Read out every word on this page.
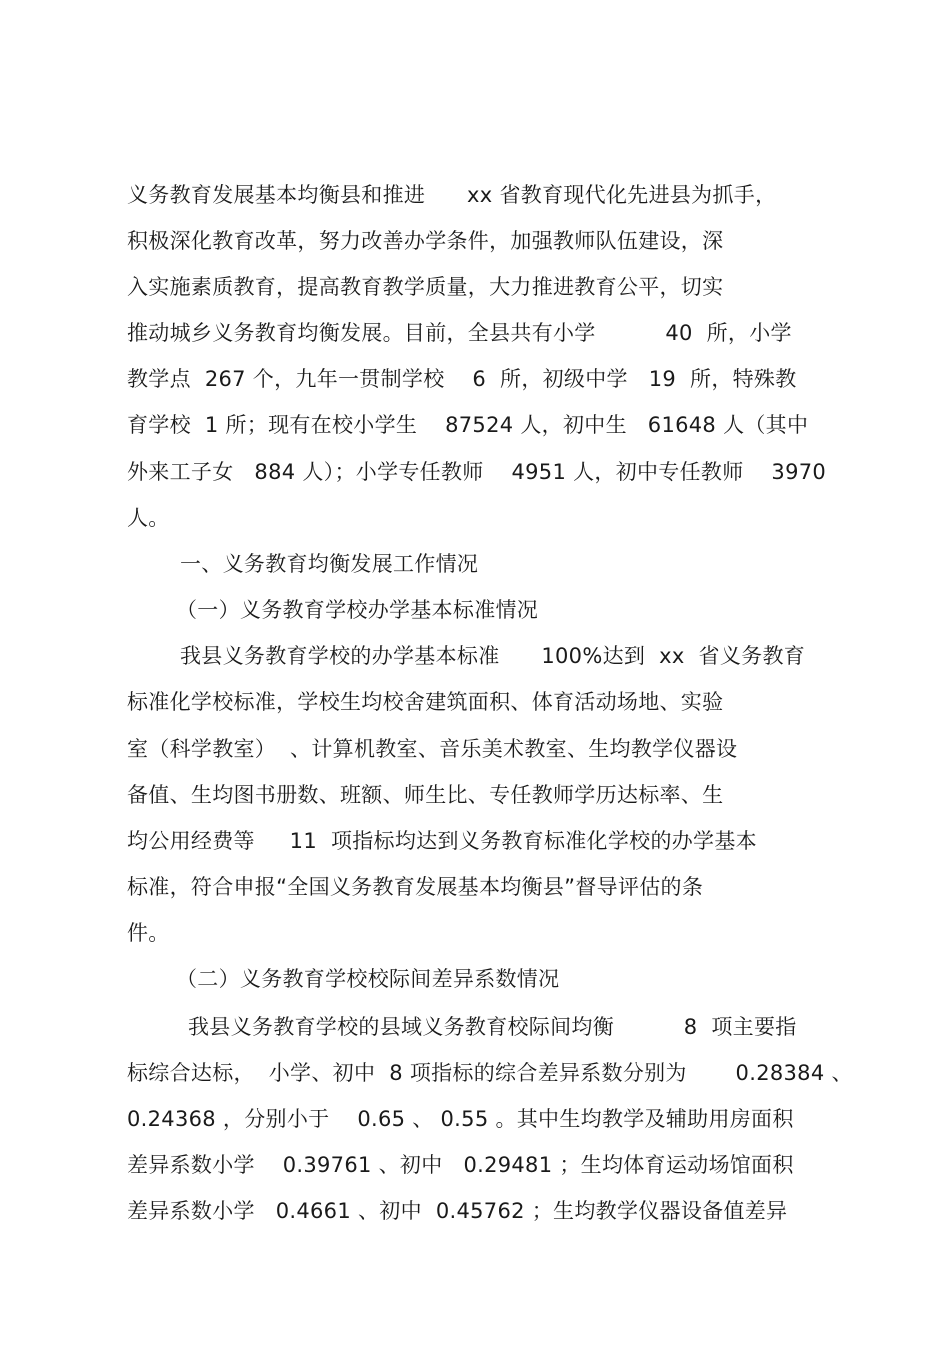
义务教育发展基本均衡县和推进      xx 省教育现代化先进县为抓手，
积极深化教育改革，努力改善办学条件，加强教师队伍建设，深
入实施素质教育，提高教育教学质量，大力推进教育公平，切实
推动城乡义务教育均衡发展。目前，全县共有小学          40  所，小学
教学点  267 个，九年一贯制学校    6  所，初级中学   19  所，特殊教
育学校  1 所；现有在校小学生    87524 人，初中生   61648 人（其中
外来工子女   884 人）；小学专任教师    4951 人，初中专任教师    3970
人。
一、义务教育均衡发展工作情况
（一）义务教育学校办学基本标准情况
我县义务教育学校的办学基本标准      100%达到  xx  省义务教育
标准化学校标准，学校生均校舍建筑面积、体育活动场地、实验
室（科学教室）  、计算机教室、音乐美术教室、生均教学仪器设
备值、生均图书册数、班额、师生比、专任教师学历达标率、生
均公用经费等     11  项指标均达到义务教育标准化学校的办学基本
标准，符合申报“全国义务教育发展基本均衡县”督导评估的条
件。
（二）义务教育学校校际间差异系数情况
我县义务教育学校的县域义务教育校际间均衡          8  项主要指
标综合达标，  小学、初中  8 项指标的综合差异系数分别为       0.28384 、
0.24368 ，分别小于    0.65 、 0.55 。其中生均教学及辅助用房面积
差异系数小学    0.39761 、初中   0.29481 ；生均体育运动场馆面积
差异系数小学   0.4661 、初中  0.45762 ；生均教学仪器设备值差异
